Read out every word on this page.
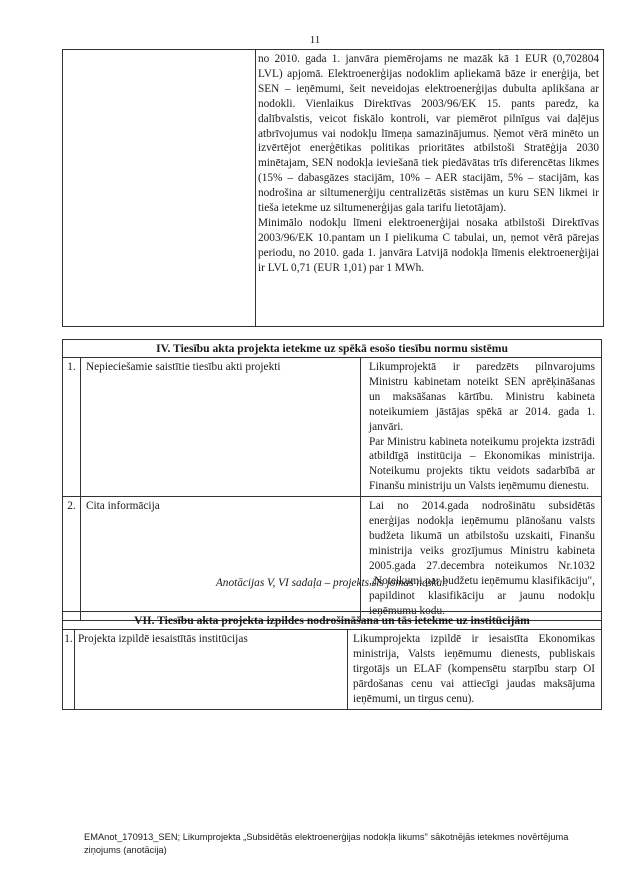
11

no 2010. gada 1. janvāra piemērojams ne mazāk kā 1 EUR (0,702804 LVL) apjomā. Elektroenerģijas nodoklim apliekamā bāze ir enerģija, bet SEN – ieņēmumi, šeit neveidojas elektroenerģijas dubulta aplikšana ar nodokli. Vienlaikus Direktīvas 2003/96/EK 15. pants paredz, ka dalībvalstis, veicot fiskālo kontroli, var piemērot pilnīgus vai daļējus atbrīvojumus vai nodokļu līmeņa samazinājumus. Ņemot vērā minēto un izvērtējot enerģētikas politikas prioritātes atbilstoši Stratēģija 2030 minētajam, SEN nodokļa ieviešanā tiek piedāvātas trīs diferencētas likmes (15% – dabasgāzes stacijām, 10% – AER stacijām, 5% – stacijām, kas nodrošina ar siltumenerģiju centralizētās sistēmas un kuru SEN likmei ir tieša ietekme uz siltumenerģijas gala tarifu lietotājam).

Minimālo nodokļu līmeni elektroenerģijai nosaka atbilstoši Direktīvas 2003/96/EK 10.pantam un I pielikuma C tabulai, un, ņemot vērā pārejas periodu, no 2010. gada 1. janvāra Latvijā nodokļa līmenis elektroenerģijai ir LVL 0,71 (EUR 1,01) par 1 MWh.

IV. Tiesību akta projekta ietekme uz spēkā esošo tiesību normu sistēmu
1. Nepieciešamie saistītie tiesību akti projekti	Likumprojektā ir paredzēts pilnvarojums Ministru kabinetam noteikt SEN aprēķināšanas un maksāšanas kārtību. Ministru kabineta noteikumiem jāstājas spēkā ar 2014. gada 1. janvāri.

Par Ministru kabineta noteikumu projekta izstrādi atbildīgā institūcija – Ekonomikas ministrija. Noteikumu projekts tiktu veidots sadarbībā ar Finanšu ministriju un Valsts ieņēmumu dienestu.

2. Cita informācija	Lai no 2014.gada nodrošinātu subsidētās enerģijas nodokļa ieņēmumu plānošanu valsts budžeta likumā un atbilstošu uzskaiti, Finanšu ministrija veiks grozījumus Ministru kabineta 2005.gada 27.decembra noteikumos Nr.1032 „Noteikumi par budžetu ieņēmumu klasifikāciju", papildinot klasifikāciju ar jaunu nodokļu ieņēmumu kodu.

Anotācijas V, VI sadaļa – projekts šīs jomas neskar.
VII. Tiesību akta projekta izpildes nodrošināšana un tās ietekme uz institūcijām
1. Projekta izpildē iesaistītās institūcijas	Likumprojekta izpildē ir iesaistīta Ekonomikas ministrija, Valsts ieņēmumu dienests, publiskais tirgotājs un ELAF (kompensētu starpību starp OI pārdošanas cenu vai attiecīgi jaudas maksājuma ieņēmumi, un tirgus cenu).

EMAnot_170913_SEN; Likumprojekta „Subsidētās elektroenerģijas nodokļa likums" sākotnējās ietekmes novērtējuma ziņojums (anotācija)
